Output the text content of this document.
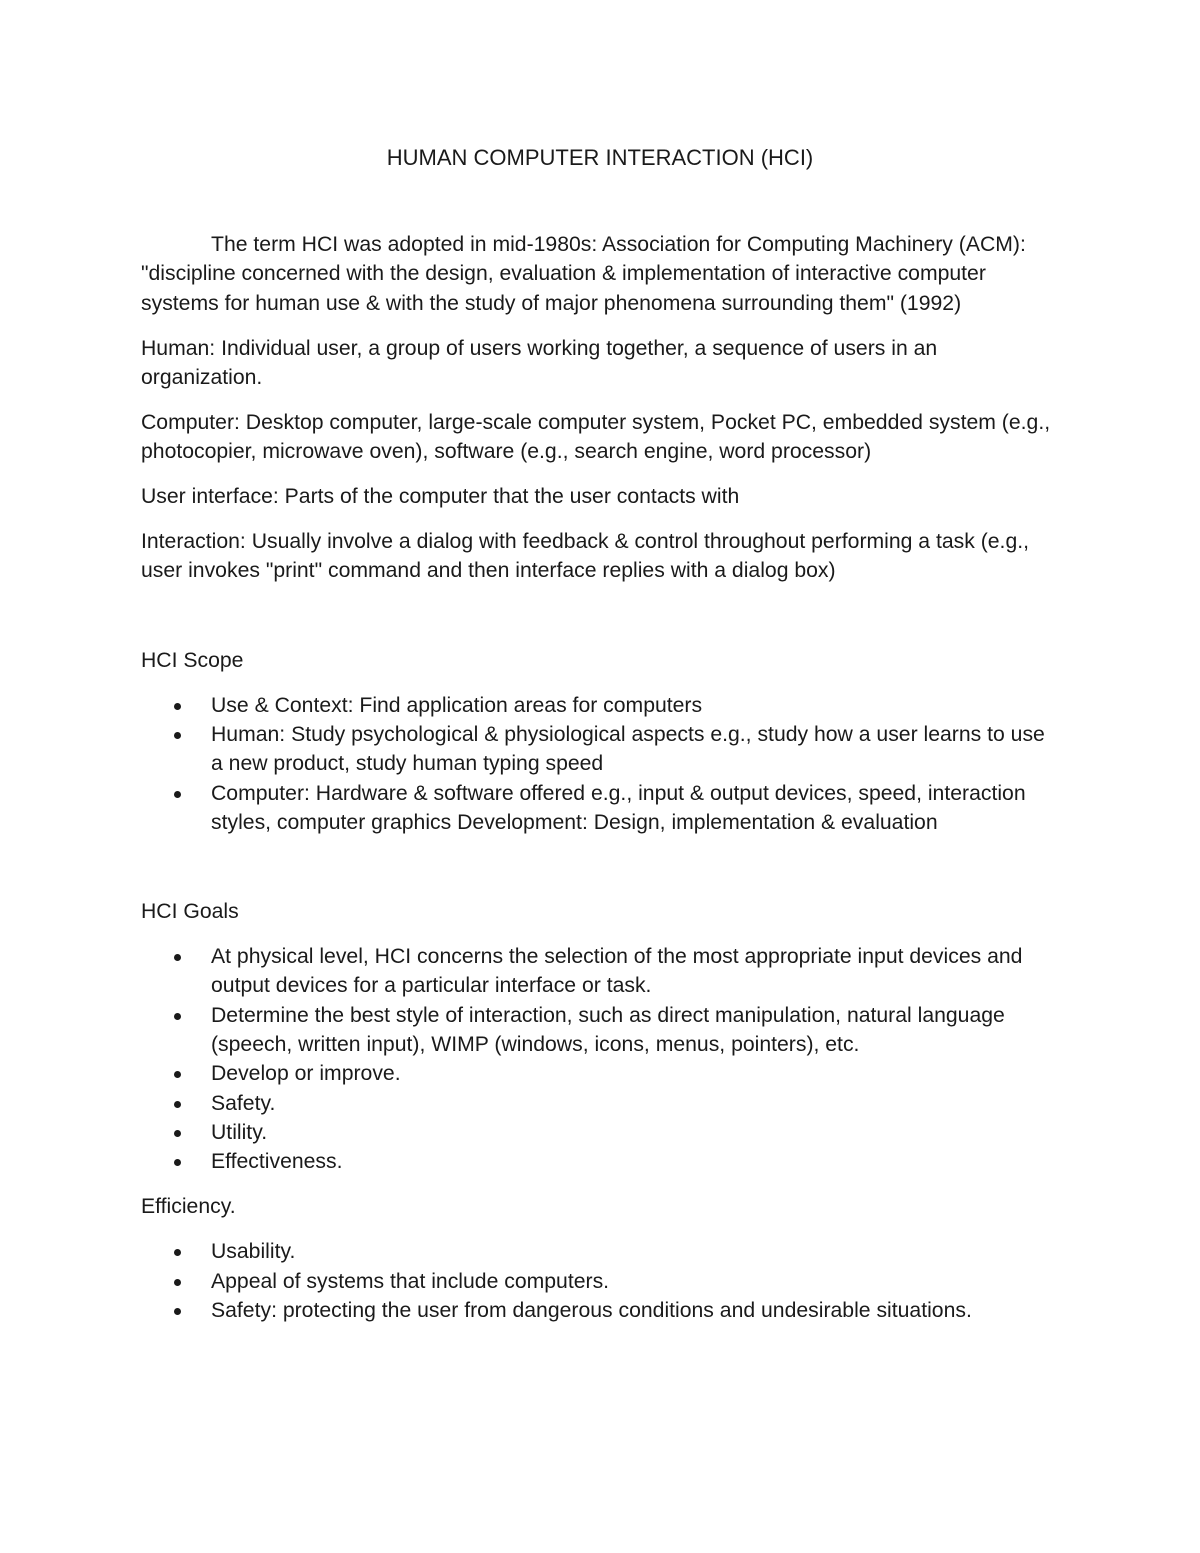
HUMAN COMPUTER INTERACTION (HCI)

The term HCI was adopted in mid-1980s: Association for Computing Machinery (ACM): "discipline concerned with the design, evaluation & implementation of interactive computer systems for human use & with the study of major phenomena surrounding them" (1992)

Human: Individual user, a group of users working together, a sequence of users in an organization.

Computer: Desktop computer, large-scale computer system, Pocket PC, embedded system (e.g., photocopier, microwave oven), software (e.g., search engine, word processor)

User interface: Parts of the computer that the user contacts with

Interaction: Usually involve a dialog with feedback & control throughout performing a task (e.g., user invokes "print" command and then interface replies with a dialog box)

HCI Scope

Use & Context: Find application areas for computers
Human: Study psychological & physiological aspects e.g., study how a user learns to use a new product, study human typing speed
Computer: Hardware & software offered e.g., input & output devices, speed, interaction styles, computer graphics Development: Design, implementation & evaluation

HCI Goals

At physical level, HCI concerns the selection of the most appropriate input devices and output devices for a particular interface or task.
Determine the best style of interaction, such as direct manipulation, natural language (speech, written input), WIMP (windows, icons, menus, pointers), etc.
Develop or improve.
Safety.
Utility.
Effectiveness.

Efficiency.

Usability.
Appeal of systems that include computers.
Safety: protecting the user from dangerous conditions and undesirable situations.
